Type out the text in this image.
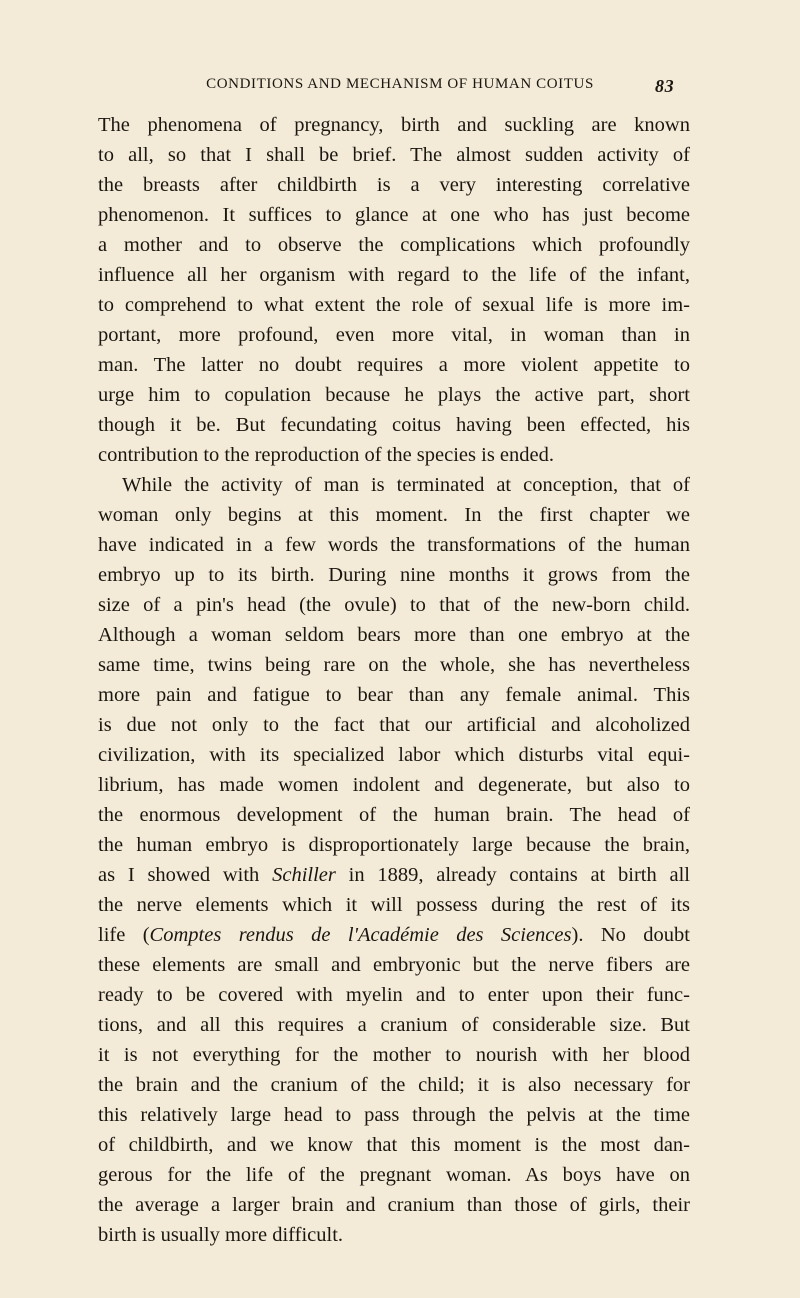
CONDITIONS AND MECHANISM OF HUMAN COITUS	83
The phenomena of pregnancy, birth and suckling are known
to all, so that I shall be brief. The almost sudden activity of
the breasts after childbirth is a very interesting correlative
phenomenon. It suffices to glance at one who has just become
a mother and to observe the complications which profoundly
influence all her organism with regard to the life of the infant,
to comprehend to what extent the role of sexual life is more im-
portant, more profound, even more vital, in woman than in
man. The latter no doubt requires a more violent appetite to
urge him to copulation because he plays the active part, short
though it be. But fecundating coitus having been effected, his
contribution to the reproduction of the species is ended.
While the activity of man is terminated at conception, that of
woman only begins at this moment. In the first chapter we
have indicated in a few words the transformations of the human
embryo up to its birth. During nine months it grows from the
size of a pin's head (the ovule) to that of the new-born child.
Although a woman seldom bears more than one embryo at the
same time, twins being rare on the whole, she has nevertheless
more pain and fatigue to bear than any female animal. This
is due not only to the fact that our artificial and alcoholized
civilization, with its specialized labor which disturbs vital equi-
librium, has made women indolent and degenerate, but also to
the enormous development of the human brain. The head of
the human embryo is disproportionately large because the brain,
as I showed with Schiller in 1889, already contains at birth all
the nerve elements which it will possess during the rest of its
life (Comptes rendus de l'Académie des Sciences). No doubt
these elements are small and embryonic but the nerve fibers are
ready to be covered with myelin and to enter upon their func-
tions, and all this requires a cranium of considerable size. But
it is not everything for the mother to nourish with her blood
the brain and the cranium of the child; it is also necessary for
this relatively large head to pass through the pelvis at the time
of childbirth, and we know that this moment is the most dan-
gerous for the life of the pregnant woman. As boys have on
the average a larger brain and cranium than those of girls, their
birth is usually more difficult.
